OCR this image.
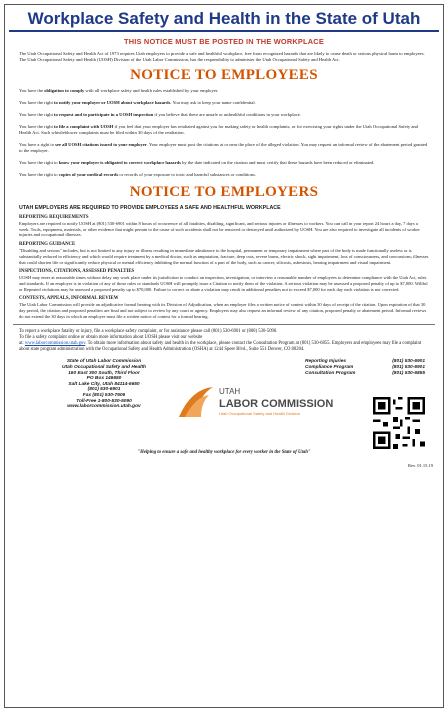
Workplace Safety and Health in the State of Utah
THIS NOTICE MUST BE POSTED IN THE WORKPLACE
The Utah Occupational Safety and Health Act of 1973 requires Utah employers to provide a safe and healthful workplace, free from recognized hazards that are likely to cause death or serious physical harm to employees. The Utah Occupational Safety and Health (UOSH) Division of the Utah Labor Commission, has the responsibility to administer the Utah Occupational Safety and Health Act.
NOTICE TO EMPLOYEES
You have the obligation to comply with all workplace safety and health rules established by your employer.
You have the right to notify your employer or UOSH about workplace hazards. You may ask to keep your name confidential.
You have the right to request and to participate in a UOSH inspection if you believe that there are unsafe or unhealthful conditions in your workplace.
You have the right to file a complaint with UOSH if you feel that your employer has retaliated against you for making safety or health complaints, or for exercising your rights under the Utah Occupational Safety and Health Act. Such whistleblower complaints must be filed within 30 days of the retaliation.
You have a right to see all UOSH citations issued to your employer. Your employer must post the citations at or near the place of the alleged violation. You may request an informal review of the abatement period granted to the employer.
You have the right to know your employer is obligated to correct workplace hazards by the date indicated on the citation and must certify that these hazards have been reduced or eliminated.
You have the right to copies of your medical records or records of your exposure to toxic and harmful substances or conditions.
NOTICE TO EMPLOYERS
UTAH EMPLOYERS ARE REQUIRED TO PROVIDE EMPLOYEES A SAFE AND HEALTHFUL WORKPLACE
REPORTING REQUIREMENTS
Employers are required to notify UOSH at (801) 530-6901 within 8 hours of occurrence of all fatalities, disabling, significant, and serious injuries or illnesses to workers. You can call in your report 24 hours a day, 7 days a week. Tools, equipment, materials, or other evidence that might pertain to the cause of such accidents shall not be removed or destroyed until authorized by UOSH. You are also required to investigate all incidents of worker injuries and occupational illnesses.
REPORTING GUIDANCE
"Disabling and serious" includes, but is not limited to any injury or illness resulting in immediate admittance to the hospital, permanent or temporary impairment where part of the body is made functionally useless or is substantially reduced in efficiency and which would require treatment by a medical doctor, such as amputation, fracture, deep cuts, severe burns, electric shock, sight impairment, loss of consciousness, and concussions; illnesses that could shorten life or significantly reduce physical or mental efficiency inhibiting the normal function of a part of the body, such as cancer, silicosis, asbestosis, hearing impairment and visual impairment.
INSPECTIONS, CITATIONS, ASSESSED PENALTIES
UOSH may enter at reasonable times without delay any work place under its jurisdiction to conduct an inspection, investigation, or interview a reasonable number of employees to determine compliance with the Utah Act, rules and standards. If an employer is in violation of any of those rules or standards UOSH will promptly issue a Citation to notify them of the violation. A serious violation may be assessed a proposed penalty of up to $7,000. Willful or Repeated violations may be assessed a proposed penalty up to $70,000. Failure to correct or abate a violation may result in additional penalties not to exceed $7,000 for each day each violation is not corrected.
CONTESTS, APPEALS, INFORMAL REVIEW
The Utah Labor Commission will provide an adjudicative formal hearing with its Division of Adjudication, when an employer files a written notice of contest within 30 days of receipt of the citation. Upon expiration of that 30 day period, the citation and proposed penalties are final and not subject to review by any court or agency. Employers may also request an informal review of any citation, proposed penalty or abatement period. Informal reviews do not extend the 30 days in which an employer must file a written notice of contest for a formal hearing.
To report a workplace fatality or injury, file a workplace safety complaint, or for assistance please call (801) 530-6901 or (800) 530-5090.
To file a safety complaint online or obtain more information about UOSH please visit our website
at: www.laborcommission.utah.gov. To obtain more information about safety and health in the workplace, please contact the Consultation Program at (801) 530-6855. Employers and employees may file a complaint about state program administration with the Occupational Safety and Health Administration (OSHA) at 1244 Speer Blvd., Suite 551 Denver, CO 80204.
State of Utah Labor Commission
Utah Occupational Safety and Health
160 East 300 South, Third Floor
PO Box 146650
Salt Lake City, Utah 84114-6650
(801) 530-6901
Fax (801) 530-7606
Toll-Free 1-800-530-5090
www.laborcommission.utah.gov
Reporting Injuries	(801) 530-6901
Compliance Program	(801) 530-6901
Consultation Program	(801) 530-6855
UTAH
LABOR COMMISSION
Utah Occupational Safety and Health Division
"Helping to ensure a safe and healthy workplace for every worker in the State of Utah"
Rev. 01.15.19
